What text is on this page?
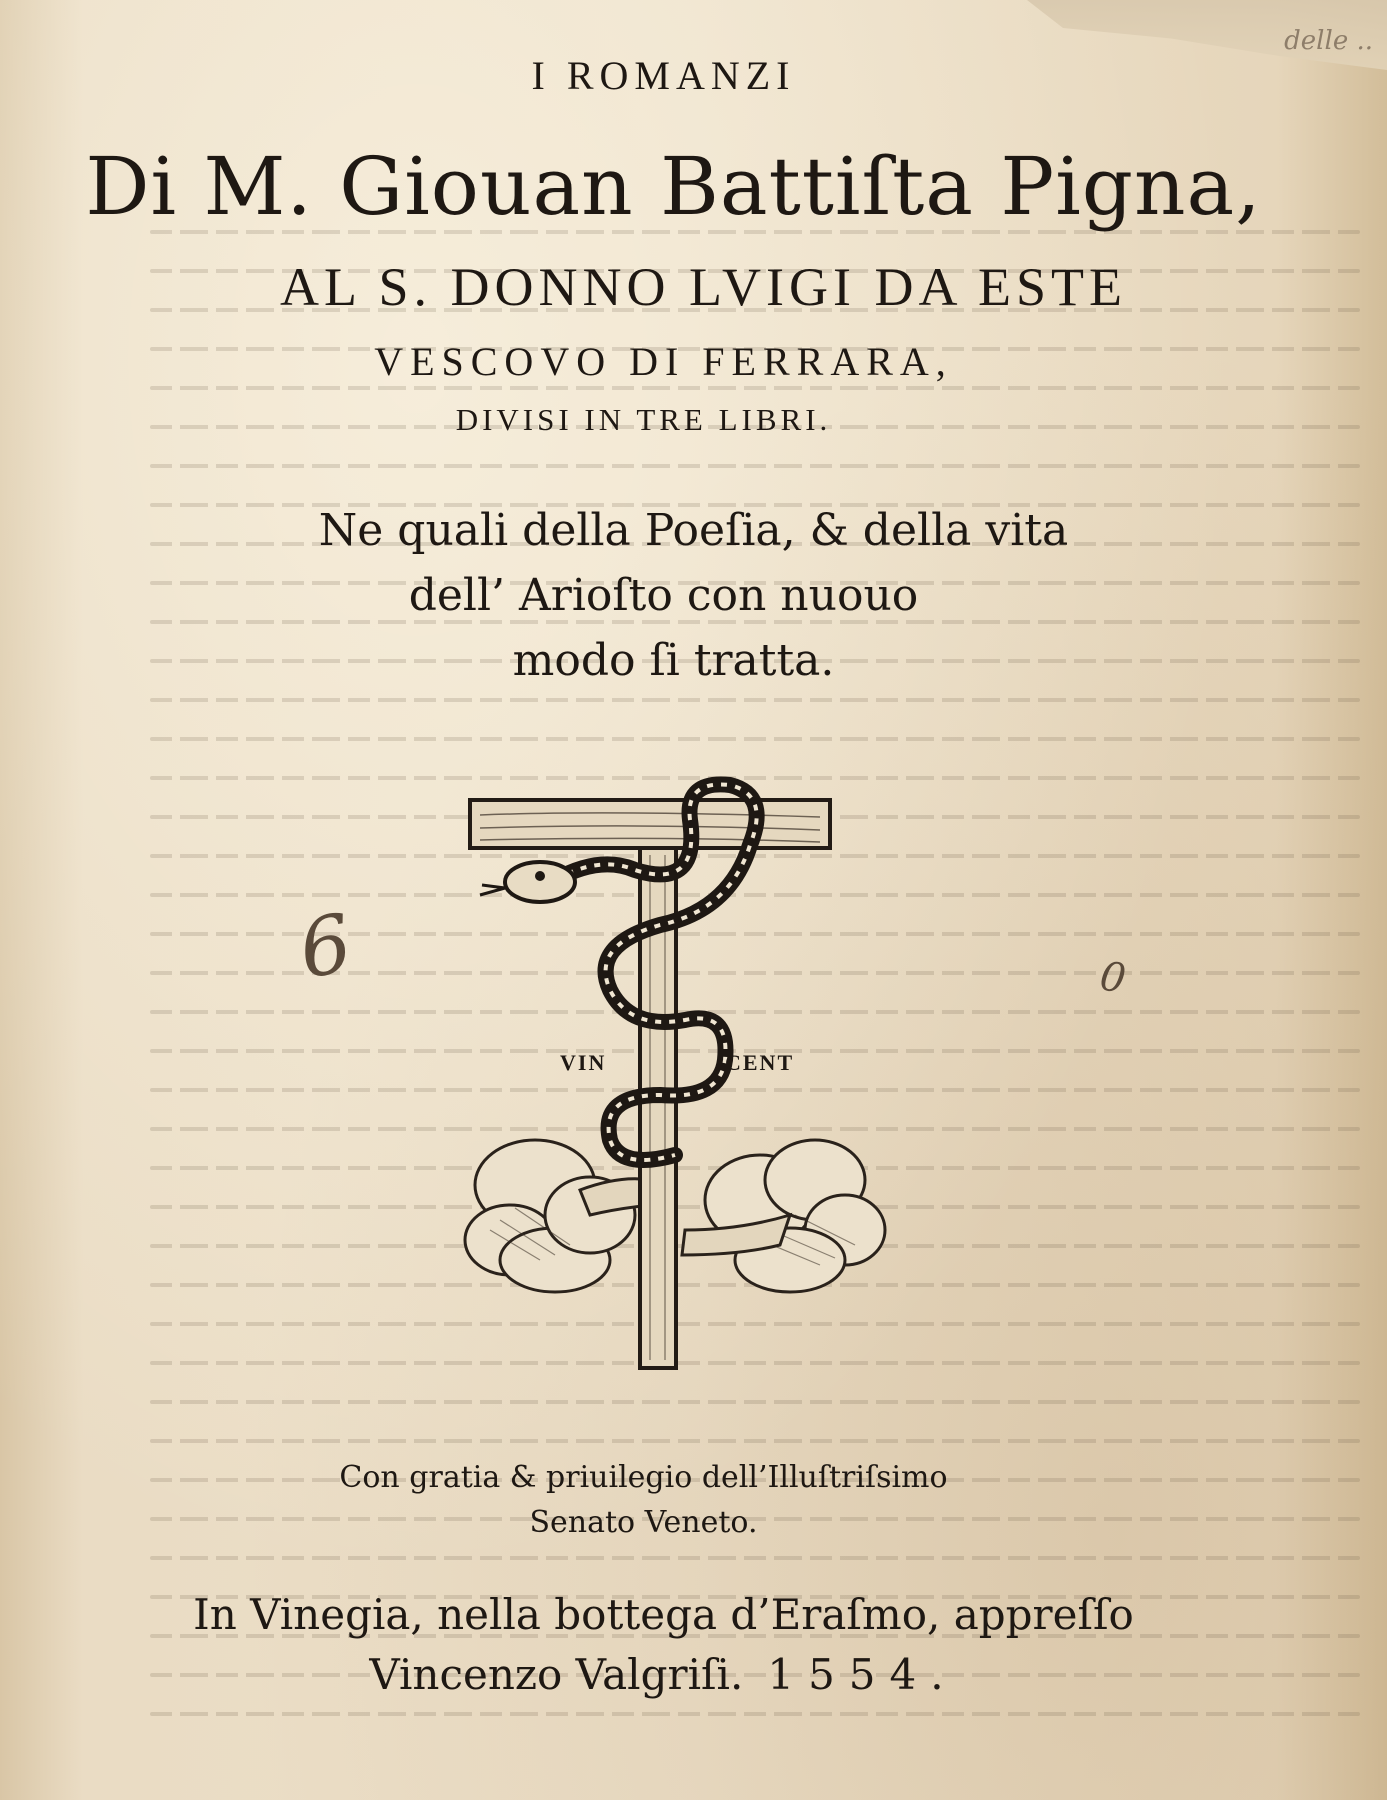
delle ..

I ROMANZI

Di M. Giouan Battiſta Pigna,

AL S. DONNO LVIGI DA ESTE

VESCOVO DI FERRARA,

DIVISI IN TRE LIBRI.

Ne quali della Poeſia, & della vita

dell’ Arioſto con nuouo

modo ſi tratta.

6	0
VIN	CENT

Con gratia & priuilegio dell’Illuſtriſsimo

Senato Veneto.

In Vinegia, nella bottega d’Eraſmo, appreſſo

Vincenzo Valgriſi. 1554.
